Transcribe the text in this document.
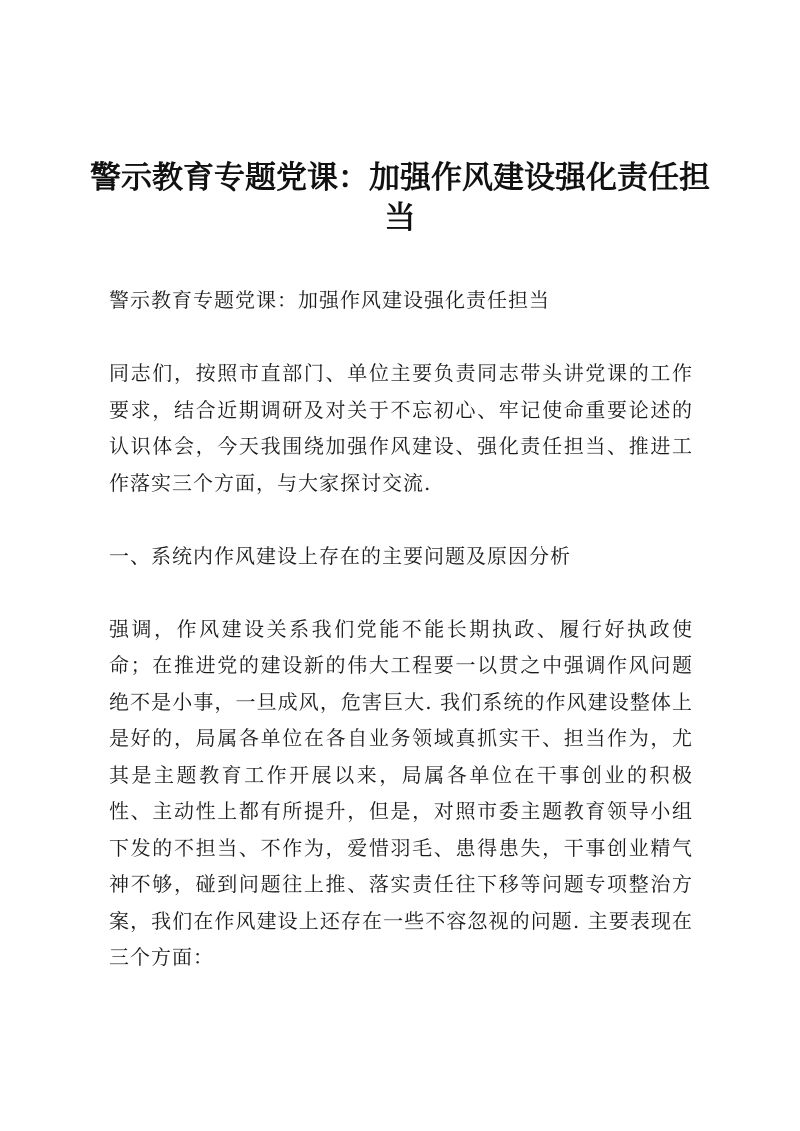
警示教育专题党课：加强作风建设强化责任担当

警示教育专题党课：加强作风建设强化责任担当

同志们，按照市直部门、单位主要负责同志带头讲党课的工作要求，结合近期调研及对关于不忘初心、牢记使命重要论述的认识体会，今天我围绕加强作风建设、强化责任担当、推进工作落实三个方面，与大家探讨交流.

一、系统内作风建设上存在的主要问题及原因分析

强调，作风建设关系我们党能不能长期执政、履行好执政使命；在推进党的建设新的伟大工程要一以贯之中强调作风问题绝不是小事，一旦成风，危害巨大. 我们系统的作风建设整体上是好的，局属各单位在各自业务领域真抓实干、担当作为，尤其是主题教育工作开展以来，局属各单位在干事创业的积极性、主动性上都有所提升，但是，对照市委主题教育领导小组下发的不担当、不作为，爱惜羽毛、患得患失，干事创业精气神不够，碰到问题往上推、落实责任往下移等问题专项整治方案，我们在作风建设上还存在一些不容忽视的问题. 主要表现在三个方面：
